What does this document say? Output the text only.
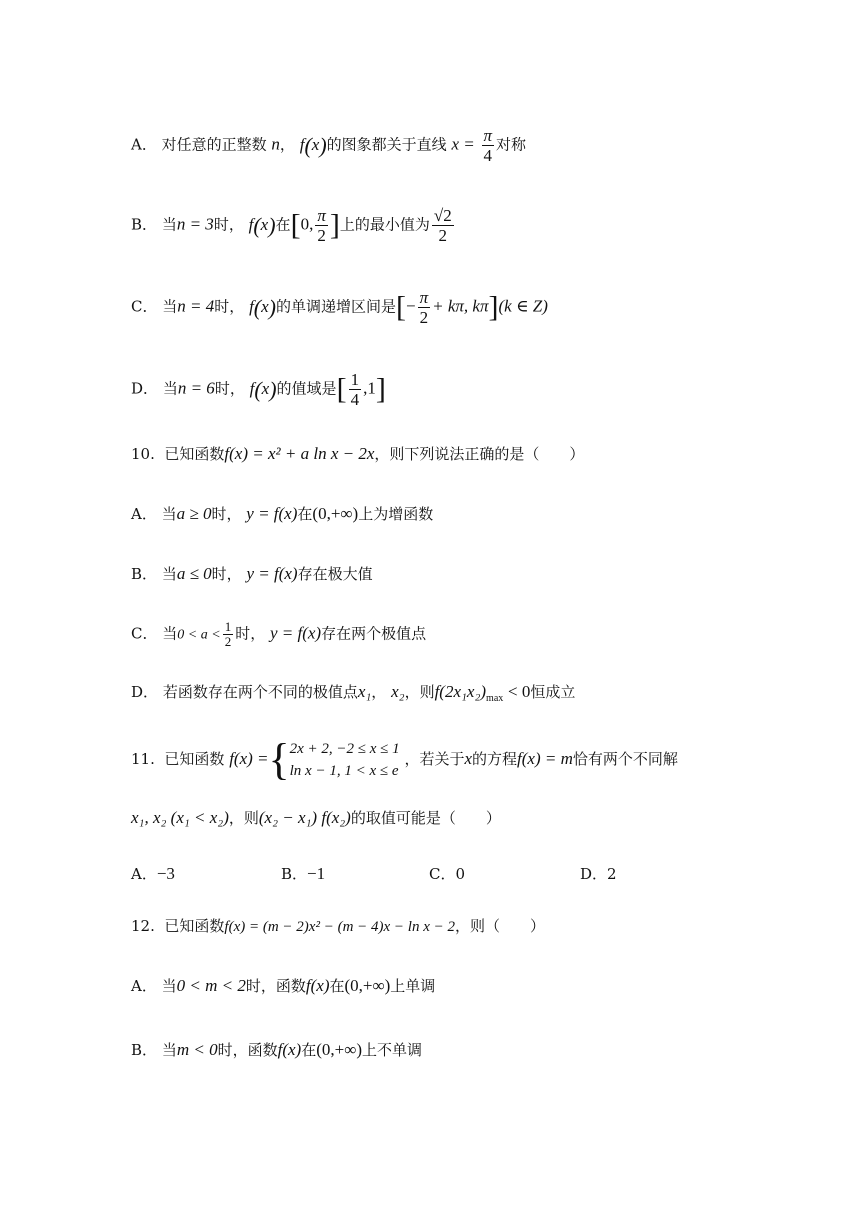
A． 对任意的正整数 n， f(x)的图象都关于直线 $x = \frac{\pi}{4}$ 对称
B． 当n = 3时， f(x)在[0, $\frac{\pi}{2}$ ]上的最小值为 $\frac{√2}{2}$
C． 当n = 4时， f(x)的单调递增区间是[− $\frac{\pi}{2} + k\pi$, kπ](k ∈ Z)
D． 当n = 6时， f(x)的值域是[ $\frac{1}{4} ,1$]
10. 已知函数f(x) = x² + a ln x − 2x，则下列说法正确的是（　　）
A． 当a ≥ 0时， y = f(x)在(0,+∞)上为增函数
B． 当a ≤ 0时， y = f(x)存在极大值
C． 当$0 < a < \frac{1}{2}$ 时， y = f(x)存在两个极值点
D． 若函数存在两个不同的极值点x₁， x₂，则$f(2x_1x_2)_{max} < 0$恒成立
11. 已知函数 f(x) ={ 2x + 2, −2 ≤ x ≤ 1
ln x − 1, 1 < x ≤ e
，若关于x的方程f(x) = m恰有两个不同解
x₁, x₂ (x₁ < x₂)，则(x₂ − x₁) f(x₂)的取值可能是（　　）
A．−3	B．−1	C．0	D．2
12. 已知函数f(x) = (m − 2)x² − (m − 4)x − ln x − 2，则（　　）
A． 当0 < m < 2时，函数f(x)在(0,+∞)上单调
B． 当m < 0时，函数f(x)在(0,+∞)上不单调
